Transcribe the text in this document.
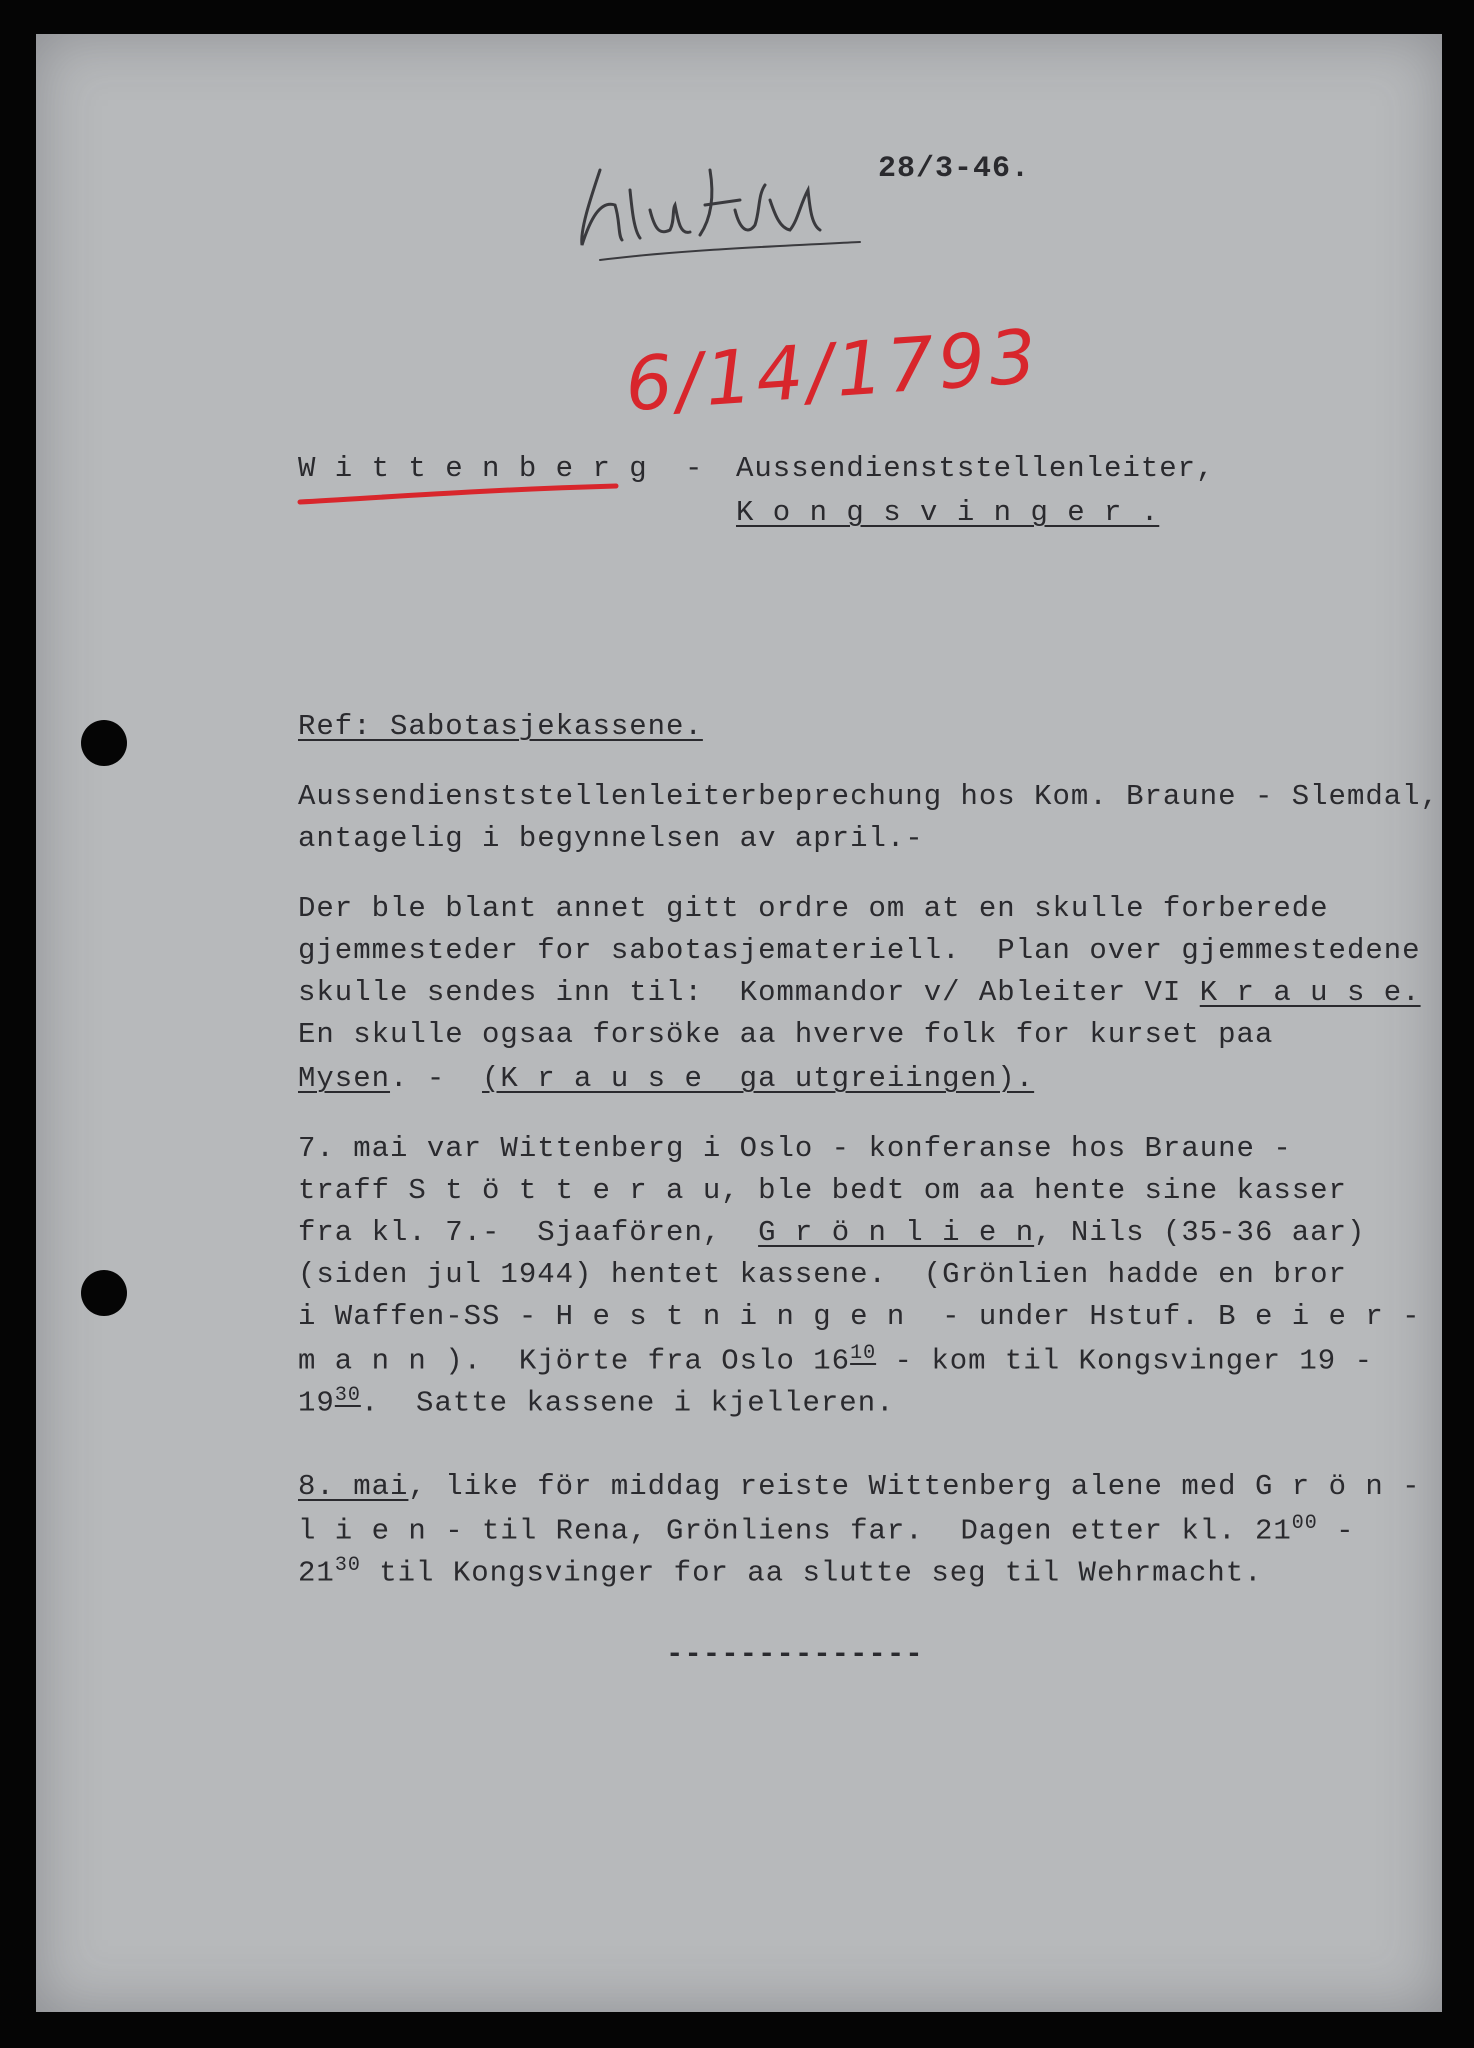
28/3-46.
6/14/1793
W i t t e n b e r g - Aussendienststellenleiter,
K o n g s v i n g e r .
Ref: Sabotasjekassene.
Aussendienststellenleiterbeprechung hos Kom. Braune - Slemdal,
antagelig i begynnelsen av april.-
Der ble blant annet gitt ordre om at en skulle forberede
gjemmesteder for sabotasjemateriell.  Plan over gjemmestedene
skulle sendes inn til:  Kommandor v/ Ableiter VI K r a u s e.
En skulle ogsaa forsöke aa hverve folk for kurset paa
Mysen. -  (K r a u s e  ga utgreiingen).
7. mai var Wittenberg i Oslo - konferanse hos Braune -
traff S t ö t t e r a u, ble bedt om aa hente sine kasser
fra kl. 7.-  Sjaafören,  G r ö n l i e n, Nils (35-36 aar)
(siden jul 1944) hentet kassene.  (Grönlien hadde en bror
i Waffen-SS - H e s t n i n g e n  - under Hstuf. B e i e r -
m a n n ).  Kjörte fra Oslo $16^{10}$ - kom til Kongsvinger 19 -
$19^{30}$.  Satte kassene i kjelleren.
8. mai, like för middag reiste Wittenberg alene med G r ö n -
l i e n - til Rena, Grönliens far.  Dagen etter kl. $21^{00}$ -
$21^{30}$ til Kongsvinger for aa slutte seg til Wehrmacht.
--------------
